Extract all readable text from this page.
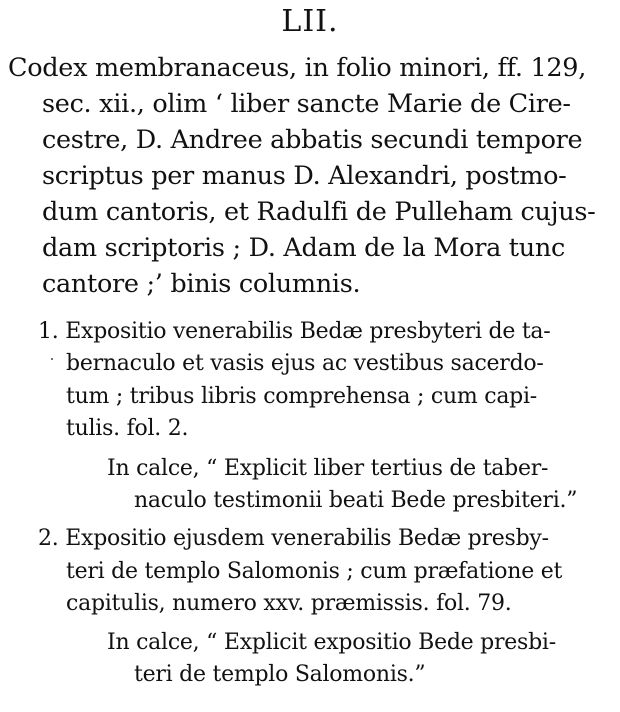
LII.
Codex membranaceus, in folio minori, ff. 129,
sec. xii., olim ‘ liber sancte Marie de Cire-
cestre, D. Andree abbatis secundi tempore
scriptus per manus D. Alexandri, postmo-
dum cantoris, et Radulfi de Pulleham cujus-
dam scriptoris ; D. Adam de la Mora tunc
cantore ;’ binis columnis.
1. Expositio venerabilis Bedæ presbyteri de ta-
bernaculo et vasis ejus ac vestibus sacerdo-
tum ; tribus libris comprehensa ; cum capi-
tulis. fol. 2.
In calce, “ Explicit liber tertius de taber-
naculo testimonii beati Bede presbiteri.”
2. Expositio ejusdem venerabilis Bedæ presby-
teri de templo Salomonis ; cum præfatione et
capitulis, numero xxv. præmissis. fol. 79.
In calce, “ Explicit expositio Bede presbi-
teri de templo Salomonis.”
